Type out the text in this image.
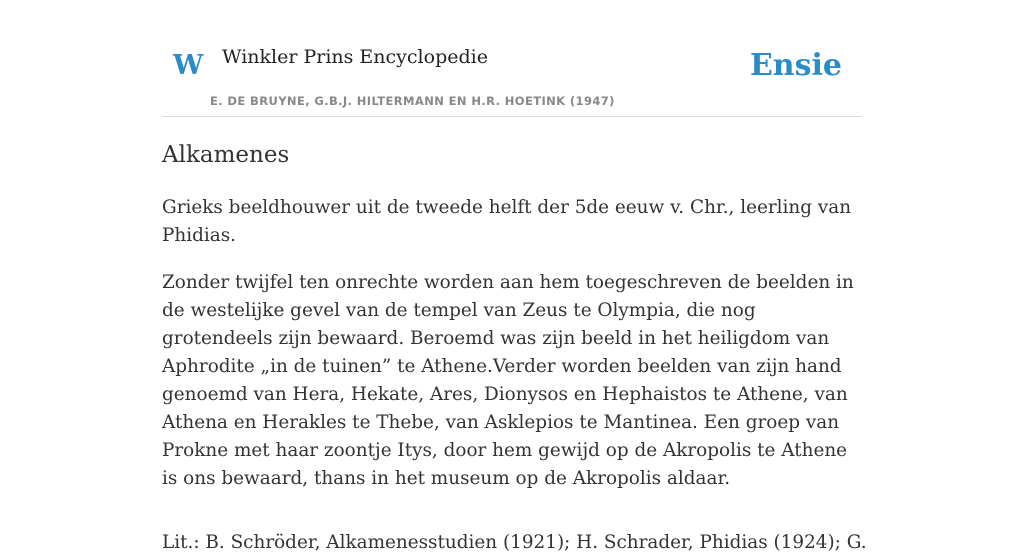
W Winkler Prins Encyclopedie
E. DE BRUYNE, G.B.J. HILTERMANN EN H.R. HOETINK (1947)
Ensie
Alkamenes

Grieks beeldhouwer uit de tweede helft der 5de eeuw v. Chr., leerling van Phidias.

Zonder twijfel ten onrechte worden aan hem toegeschreven de beelden in de westelijke gevel van de tempel van Zeus te Olympia, die nog grotendeels zijn bewaard. Beroemd was zijn beeld in het heiligdom van Aphrodite „in de tuinen” te Athene.Verder worden beelden van zijn hand genoemd van Hera, Hekate, Ares, Dionysos en Hephaistos te Athene, van Athena en Herakles te Thebe, van Asklepios te Mantinea. Een groep van Prokne met haar zoontje Itys, door hem gewijd op de Akropolis te Athene is ons bewaard, thans in het museum op de Akropolis aldaar.

Lit.: B. Schröder, Alkamenesstudien (1921); H. Schrader, Phidias (1924); G.
